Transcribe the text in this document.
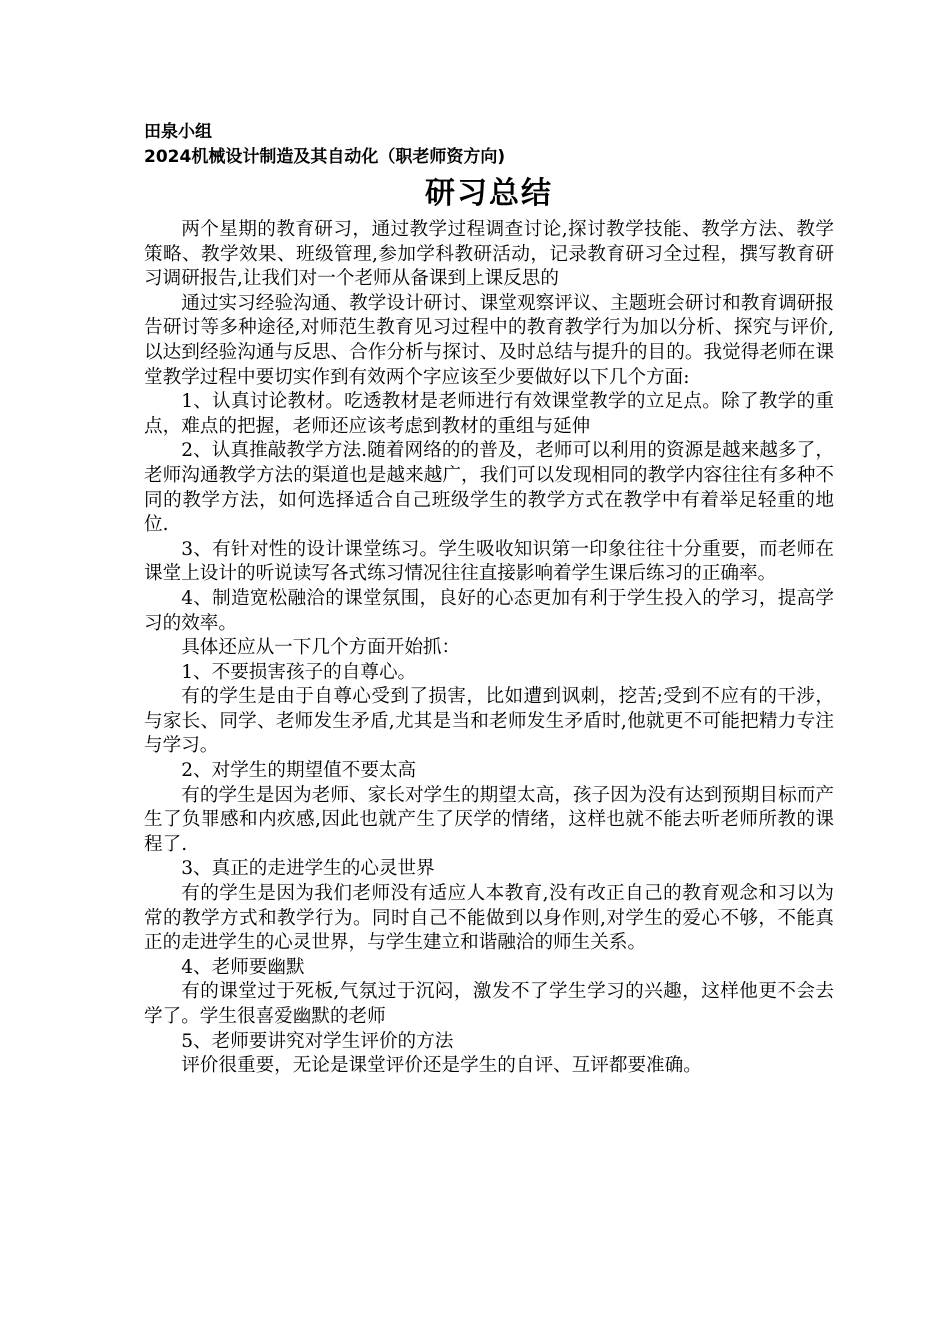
田泉小组

2024机械设计制造及其自动化（职老师资方向)

研习总结

两个星期的教育研习，通过教学过程调查讨论,探讨教学技能、教学方法、教学策略、教学效果、班级管理,参加学科教研活动，记录教育研习全过程，撰写教育研习调研报告,让我们对一个老师从备课到上课反思的

通过实习经验沟通、教学设计研讨、课堂观察评议、主题班会研讨和教育调研报告研讨等多种途径,对师范生教育见习过程中的教育教学行为加以分析、探究与评价,以达到经验沟通与反思、合作分析与探讨、及时总结与提升的目的。我觉得老师在课堂教学过程中要切实作到有效两个字应该至少要做好以下几个方面:

1、认真讨论教材。吃透教材是老师进行有效课堂教学的立足点。除了教学的重点，难点的把握，老师还应该考虑到教材的重组与延伸

2、认真推敲教学方法.随着网络的的普及，老师可以利用的资源是越来越多了，老师沟通教学方法的渠道也是越来越广，我们可以发现相同的教学内容往往有多种不同的教学方法，如何选择适合自己班级学生的教学方式在教学中有着举足轻重的地位.

3、有针对性的设计课堂练习。学生吸收知识第一印象往往十分重要，而老师在课堂上设计的听说读写各式练习情况往往直接影响着学生课后练习的正确率。

4、制造宽松融洽的课堂氛围，良好的心态更加有利于学生投入的学习，提高学习的效率。

具体还应从一下几个方面开始抓：

1、不要损害孩子的自尊心。

有的学生是由于自尊心受到了损害，比如遭到讽刺，挖苦;受到不应有的干涉，与家长、同学、老师发生矛盾,尤其是当和老师发生矛盾时,他就更不可能把精力专注与学习。

2、对学生的期望值不要太高

有的学生是因为老师、家长对学生的期望太高，孩子因为没有达到预期目标而产生了负罪感和内疚感,因此也就产生了厌学的情绪，这样也就不能去听老师所教的课程了.

3、真正的走进学生的心灵世界

有的学生是因为我们老师没有适应人本教育,没有改正自己的教育观念和习以为常的教学方式和教学行为。同时自己不能做到以身作则,对学生的爱心不够，不能真正的走进学生的心灵世界，与学生建立和谐融洽的师生关系。

4、老师要幽默

有的课堂过于死板,气氛过于沉闷，激发不了学生学习的兴趣，这样他更不会去学了。学生很喜爱幽默的老师

5、老师要讲究对学生评价的方法

评价很重要，无论是课堂评价还是学生的自评、互评都要准确。
